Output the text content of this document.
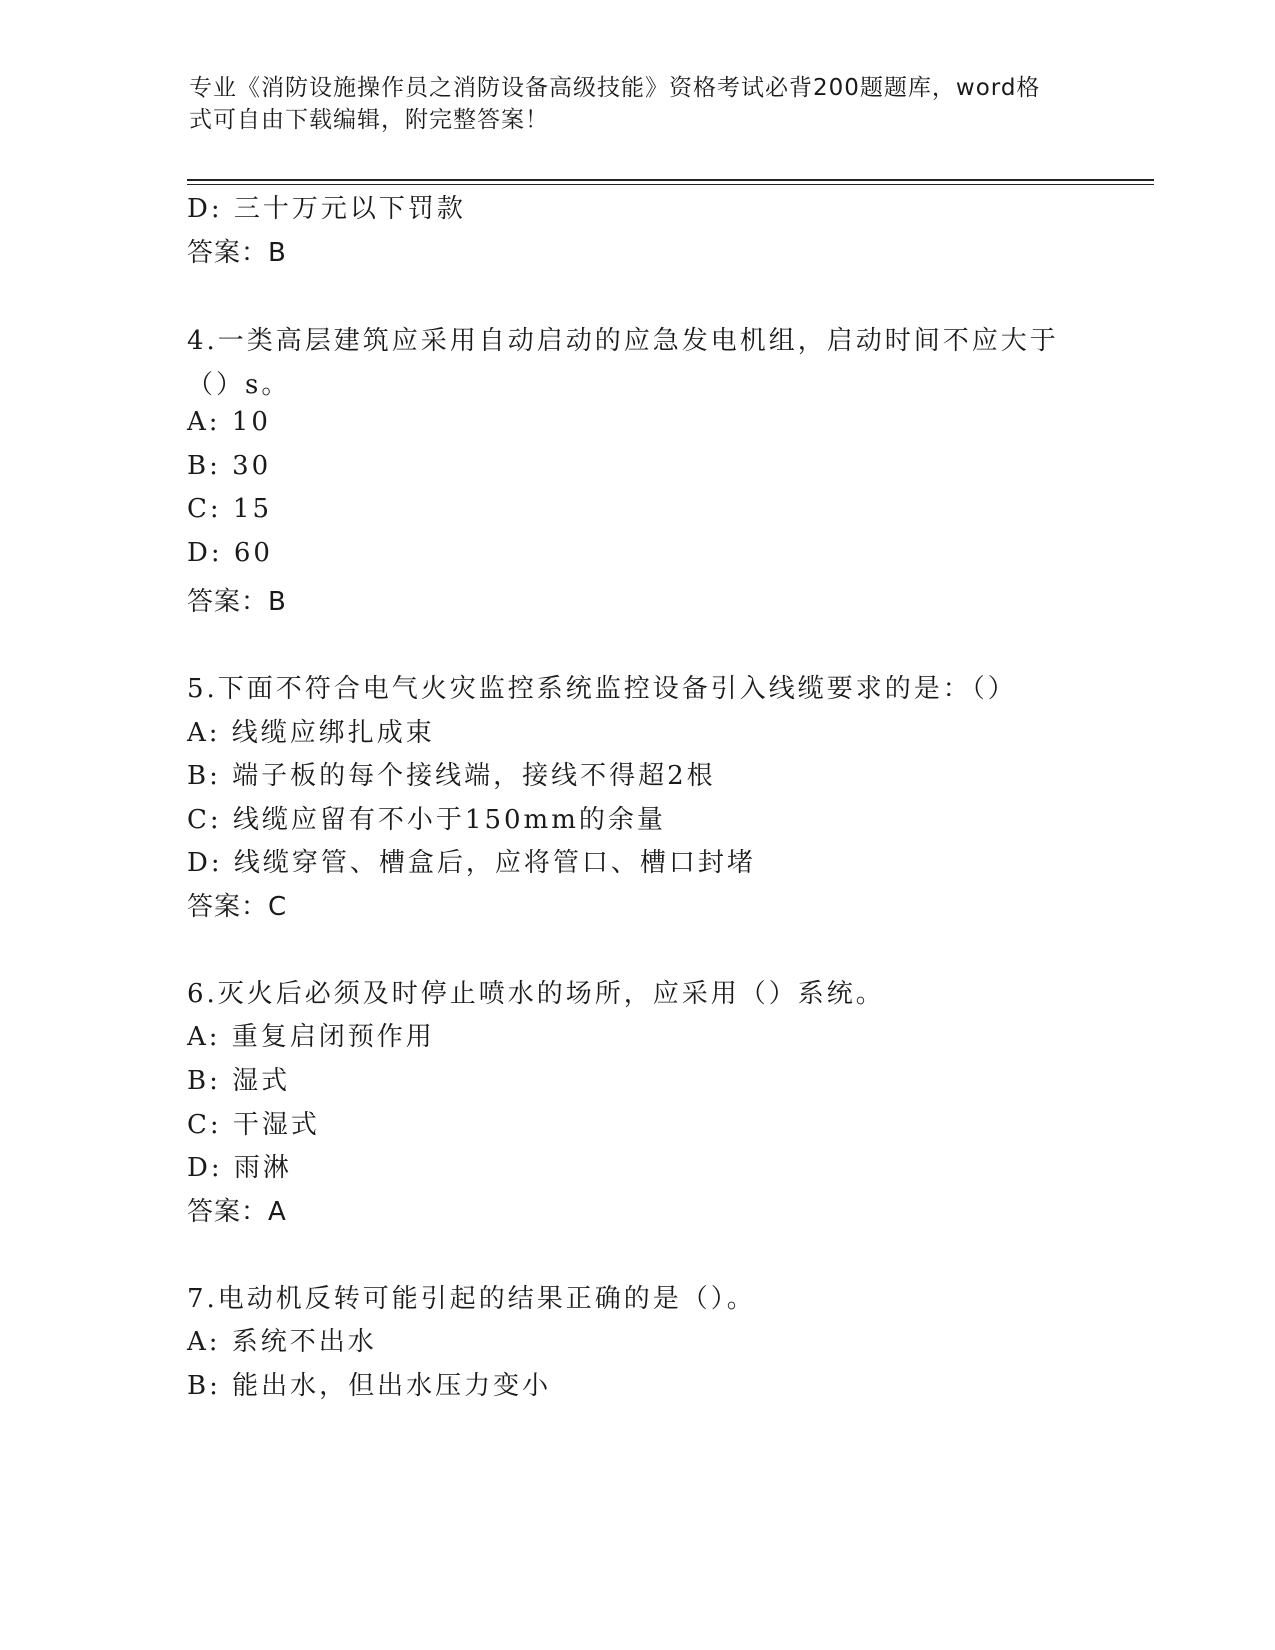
专业《消防设施操作员之消防设备高级技能》资格考试必背200题题库，word格
式可自由下载编辑，附完整答案！
D: 三十万元以下罚款
答案：B
4.一类高层建筑应采用自动启动的应急发电机组，启动时间不应大于
（）s。
A: 10
B: 30
C: 15
D: 60
答案：B
5.下面不符合电气火灾监控系统监控设备引入线缆要求的是：（）
A: 线缆应绑扎成束
B: 端子板的每个接线端，接线不得超2根
C: 线缆应留有不小于150mm的余量
D: 线缆穿管、槽盒后，应将管口、槽口封堵
答案：C
6.灭火后必须及时停止喷水的场所，应采用（）系统。
A: 重复启闭预作用
B: 湿式
C: 干湿式
D: 雨淋
答案：A
7.电动机反转可能引起的结果正确的是（）。
A: 系统不出水
B: 能出水，但出水压力变小
